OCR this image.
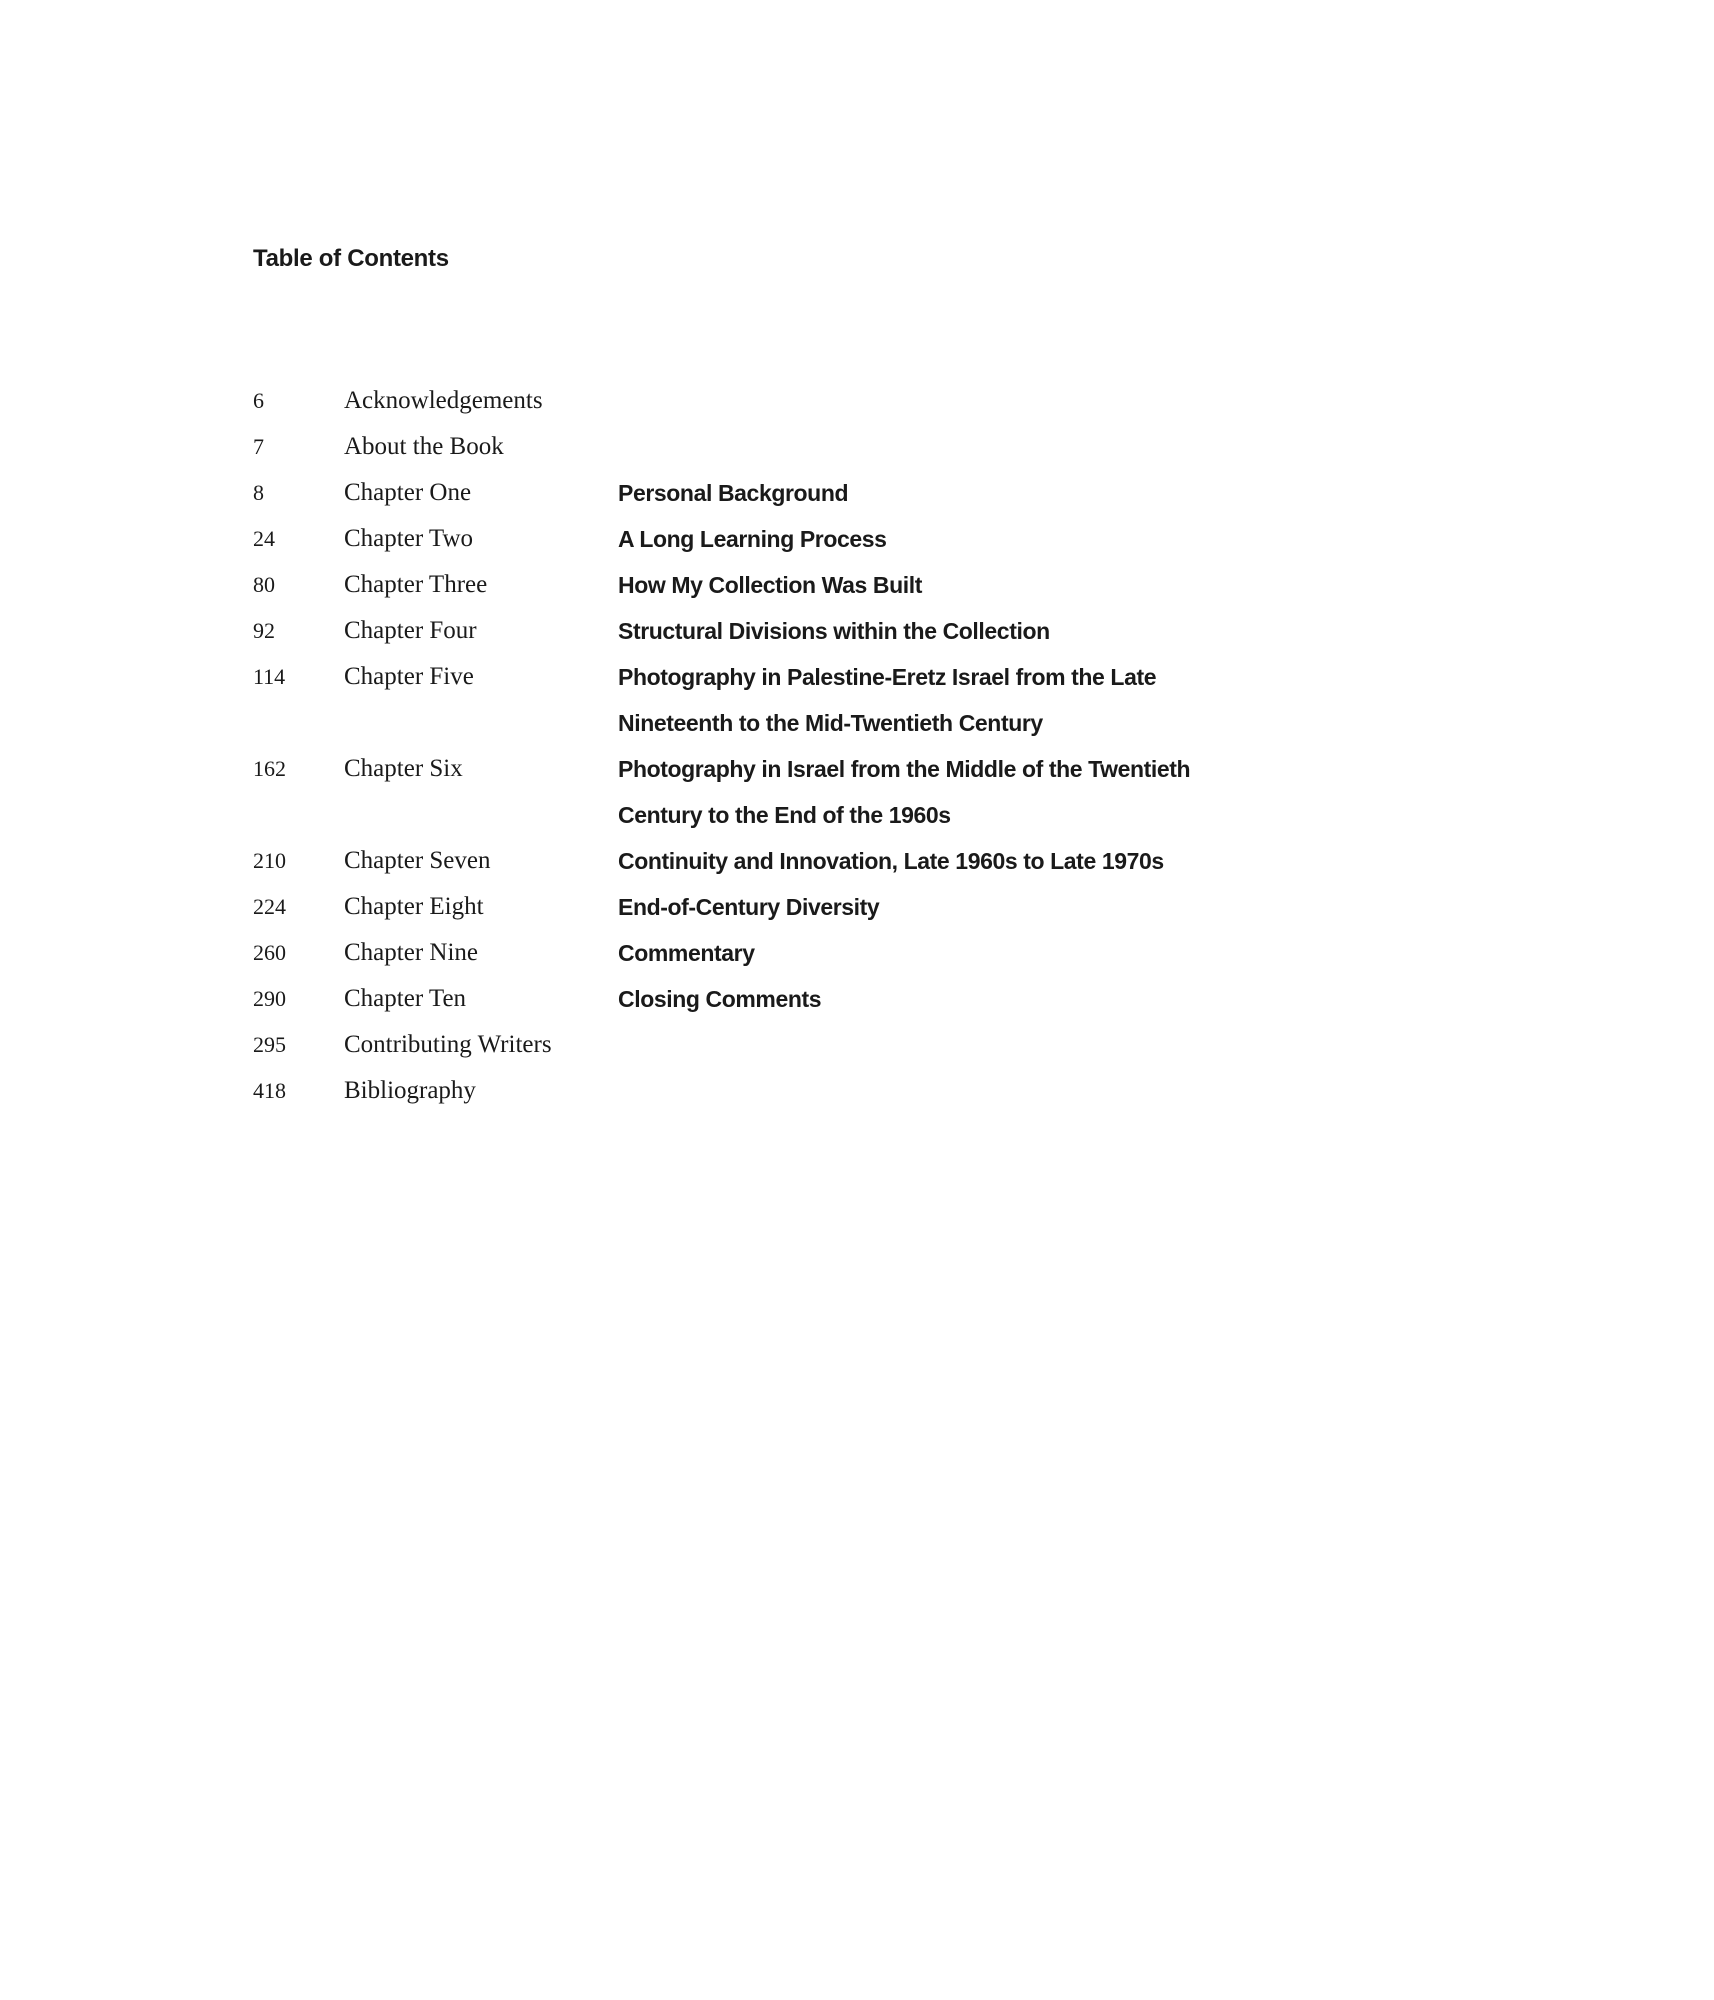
Table of Contents
6	Acknowledgements
7	About the Book
8	Chapter One	Personal Background
24	Chapter Two	A Long Learning Process
80	Chapter Three	How My Collection Was Built
92	Chapter Four	Structural Divisions within the Collection
114	Chapter Five	Photography in Palestine-Eretz Israel from the Late Nineteenth to the Mid-Twentieth Century
162	Chapter Six	Photography in Israel from the Middle of the Twentieth Century to the End of the 1960s
210	Chapter Seven	Continuity and Innovation, Late 1960s to Late 1970s
224	Chapter Eight	End-of-Century Diversity
260	Chapter Nine	Commentary
290	Chapter Ten	Closing Comments
295	Contributing Writers
418	Bibliography
